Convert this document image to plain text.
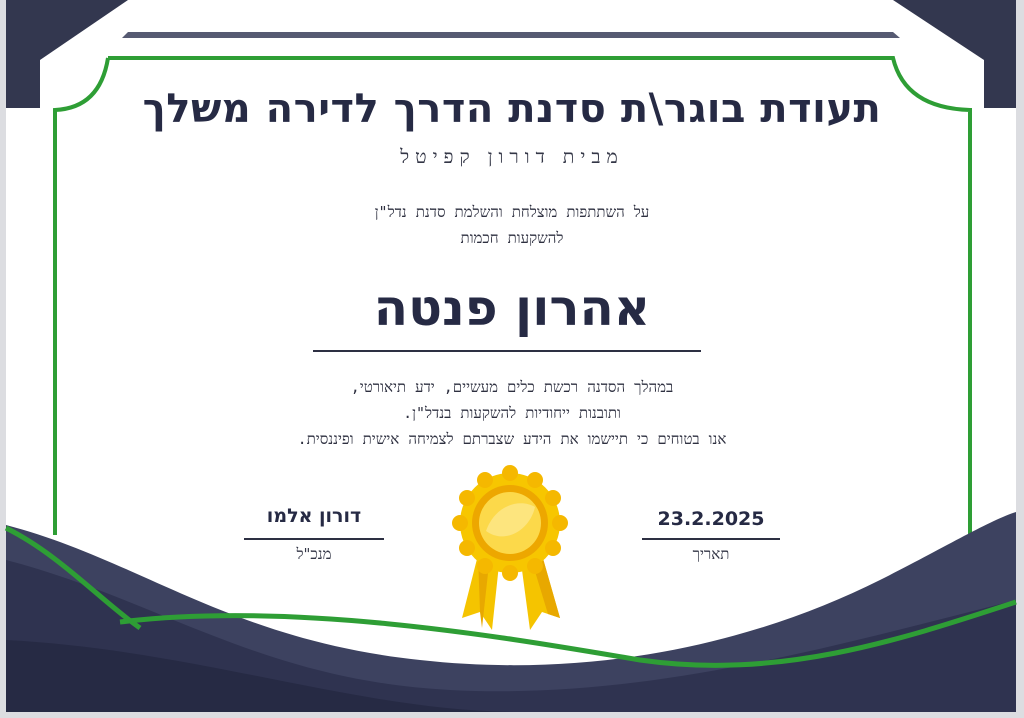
תעודת בוגר\ת סדנת הדרך לדירה משלך
מבית דורון קפיטל
על השתתפות מוצלחת והשלמת סדנת נדל"ן
להשקעות חכמות
אהרון פנטה
במהלך הסדנה רכשת כלים מעשיים, ידע תיאורטי,
ותובנות ייחודיות להשקעות בנדל"ן.
אנו בטוחים כי תיישמו את הידע שצברתם לצמיחה אישית ופיננסית.
דורון אלמו
מנכ"ל
23.2.2025
תאריך
